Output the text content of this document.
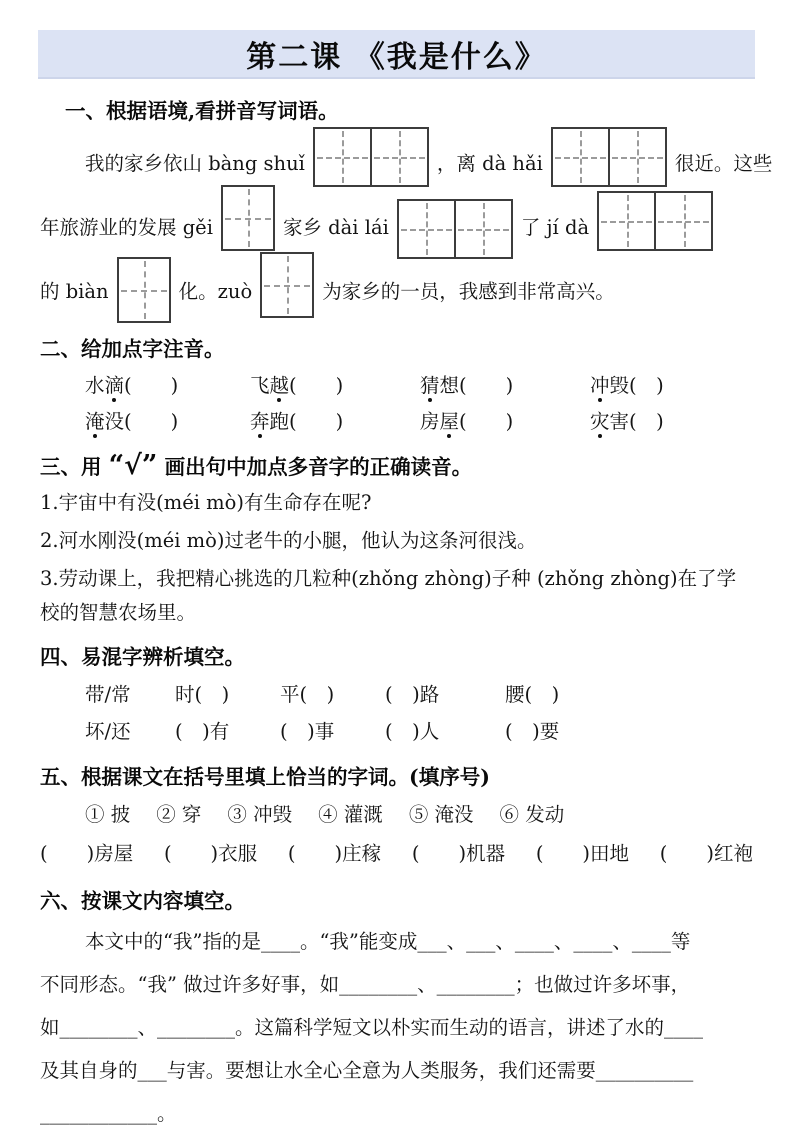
第二课 《我是什么》
一、根据语境,看拼音写词语。
我的家乡依山 bàng shuǐ	，离 dà hǎi	很近。这些
年旅游业的发展 gěi	家乡 dài lái	了 jí dà
的 biàn	化。zuò	为家乡的一员，我感到非常高兴。
二、给加点字注音。
水滴(　　)	飞越(　　)	猜想(　　)	冲毁(　)
淹没(　　)	奔跑(　　)	房屋(　　)	灾害(　)
三、用 “√” 画出句中加点多音字的正确读音。
1.宇宙中有没(méi mò)有生命存在呢?
2.河水刚没(méi mò)过老牛的小腿，他认为这条河很浅。
3.劳动课上，我把精心挑选的几粒种(zhǒng zhòng)子种 (zhǒng zhòng)在了学校的智慧农场里。
四、易混字辨析填空。
带/常	时(　)	平(　)	(　)路	腰(　)
坏/还	(　)有	(　)事	(　)人	(　)要
五、根据课文在括号里填上恰当的字词。(填序号)
① 披 ② 穿 ③ 冲毁 ④ 灌溉 ⑤ 淹没 ⑥ 发动
(　　)房屋 (　　)衣服 (　　)庄稼 (　　)机器 (　　)田地 (　　)红袍
六、按课文内容填空。
本文中的“我”指的是____。“我”能变成___、___、____、____、____等
不同形态。“我” 做过许多好事，如________、________；也做过许多坏事，
如________、________。这篇科学短文以朴实而生动的语言，讲述了水的____
及其自身的___与害。要想让水全心全意为人类服务，我们还需要__________
____________。
